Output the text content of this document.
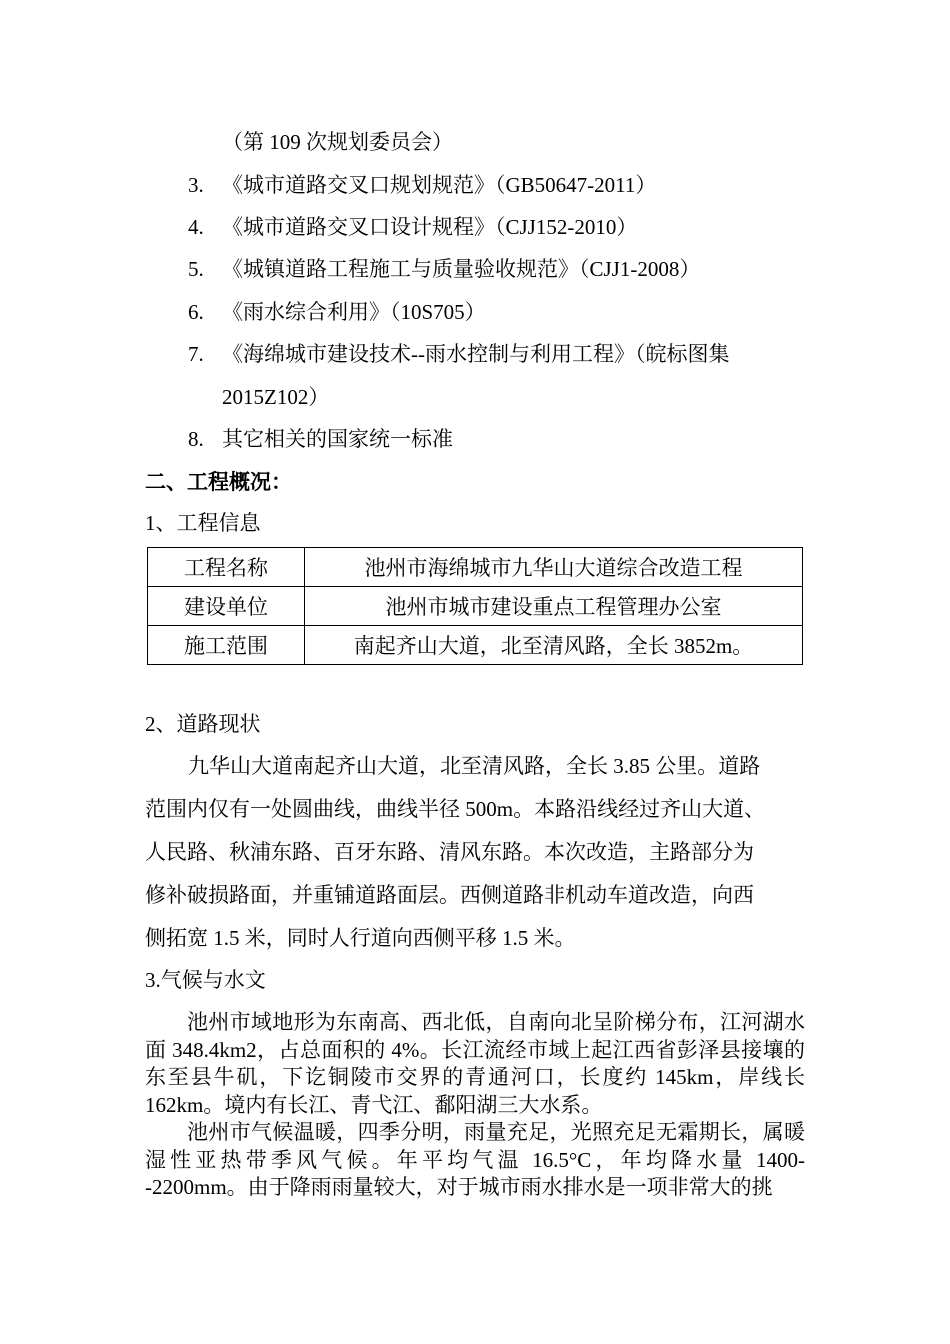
（第 109 次规划委员会）
3. 《城市道路交叉口规划规范》（GB50647-2011）
4. 《城市道路交叉口设计规程》（CJJ152-2010）
5. 《城镇道路工程施工与质量验收规范》（CJJ1-2008）
6. 《雨水综合利用》（10S705）
7. 《海绵城市建设技术--雨水控制与利用工程》（皖标图集
2015Z102）
8. 其它相关的国家统一标准
二、工程概况：
1、工程信息
工程名称	池州市海绵城市九华山大道综合改造工程
建设单位	池州市城市建设重点工程管理办公室
施工范围	南起齐山大道，北至清风路，全长 3852m。
2、道路现状
九华山大道南起齐山大道，北至清风路，全长 3.85 公里。道路
范围内仅有一处圆曲线，曲线半径 500m。本路沿线经过齐山大道、
人民路、秋浦东路、百牙东路、清风东路。本次改造，主路部分为
修补破损路面，并重铺道路面层。西侧道路非机动车道改造，向西
侧拓宽 1.5 米，同时人行道向西侧平移 1.5 米。
3.气候与水文

池州市域地形为东南高、西北低，自南向北呈阶梯分布，江河湖水面 348.4km2，占总面积的 4%。长江流经市域上起江西省彭泽县接壤的东至县牛矶，下讫铜陵市交界的青通河口，长度约 145km，岸线长 162km。境内有长江、青弋江、鄱阳湖三大水系。

池州市气候温暖，四季分明，雨量充足，光照充足无霜期长，属暖湿性亚热带季风气候。年平均气温 16.5°C，年均降水量 1400--2200mm。由于降雨雨量较大，对于城市雨水排水是一项非常大的挑
